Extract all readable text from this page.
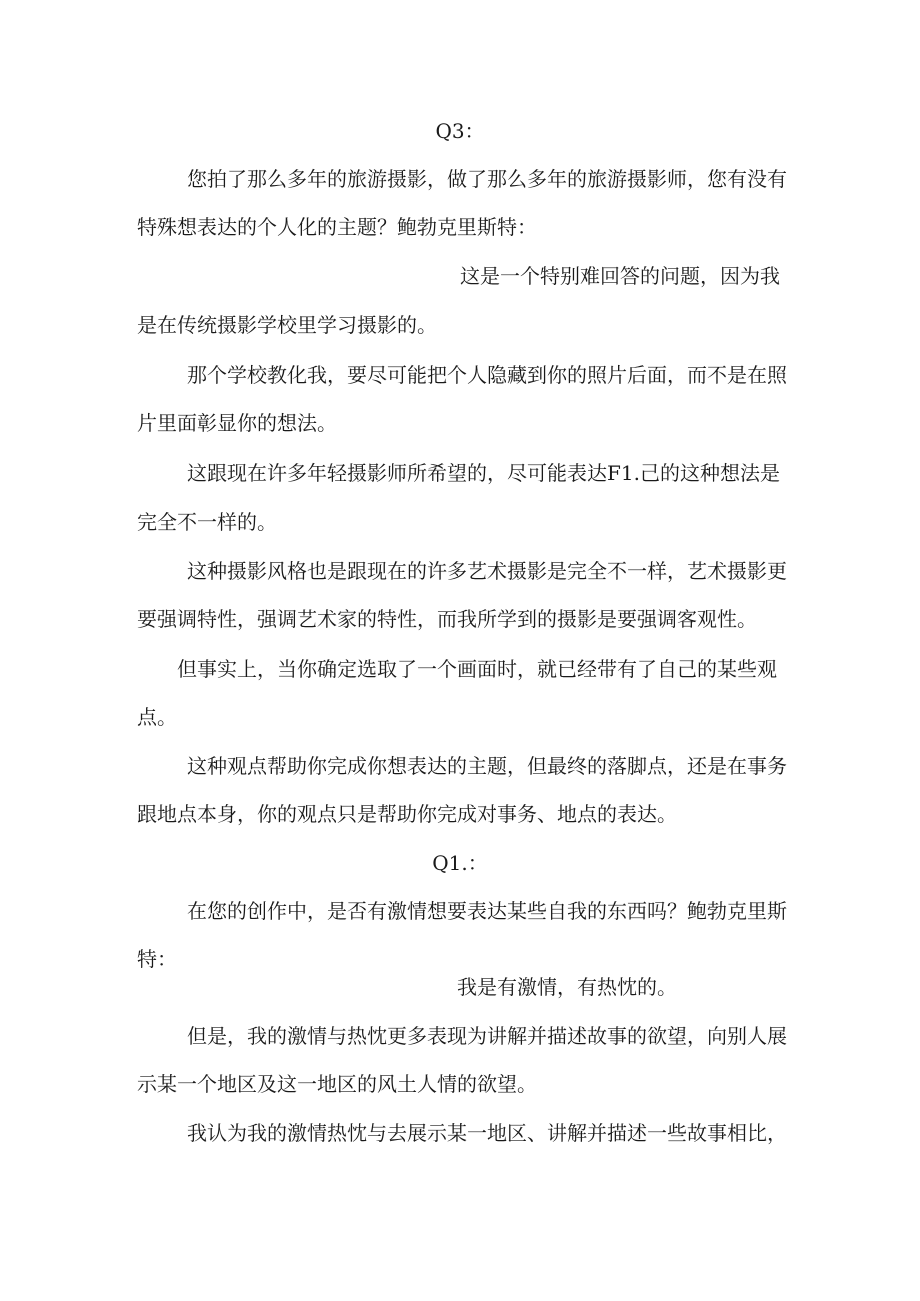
Q3：

您拍了那么多年的旅游摄影，做了那么多年的旅游摄影师，您有没有

特殊想表达的个人化的主题？鲍勃克里斯特：

这是一个特别难回答的问题，因为我

是在传统摄影学校里学习摄影的。

那个学校教化我，要尽可能把个人隐藏到你的照片后面，而不是在照

片里面彰显你的想法。

这跟现在许多年轻摄影师所希望的，尽可能表达F1.己的这种想法是

完全不一样的。

这种摄影风格也是跟现在的许多艺术摄影是完全不一样，艺术摄影更

要强调特性，强调艺术家的特性，而我所学到的摄影是要强调客观性。

但事实上，当你确定选取了一个画面时，就已经带有了自己的某些观

点。

这种观点帮助你完成你想表达的主题，但最终的落脚点，还是在事务

跟地点本身，你的观点只是帮助你完成对事务、地点的表达。

Q1.：

在您的创作中，是否有激情想要表达某些自我的东西吗？鲍勃克里斯

特：

我是有激情，有热忱的。

但是，我的激情与热忱更多表现为讲解并描述故事的欲望，向别人展

示某一个地区及这一地区的风土人情的欲望。

我认为我的激情热忱与去展示某一地区、讲解并描述一些故事相比，
